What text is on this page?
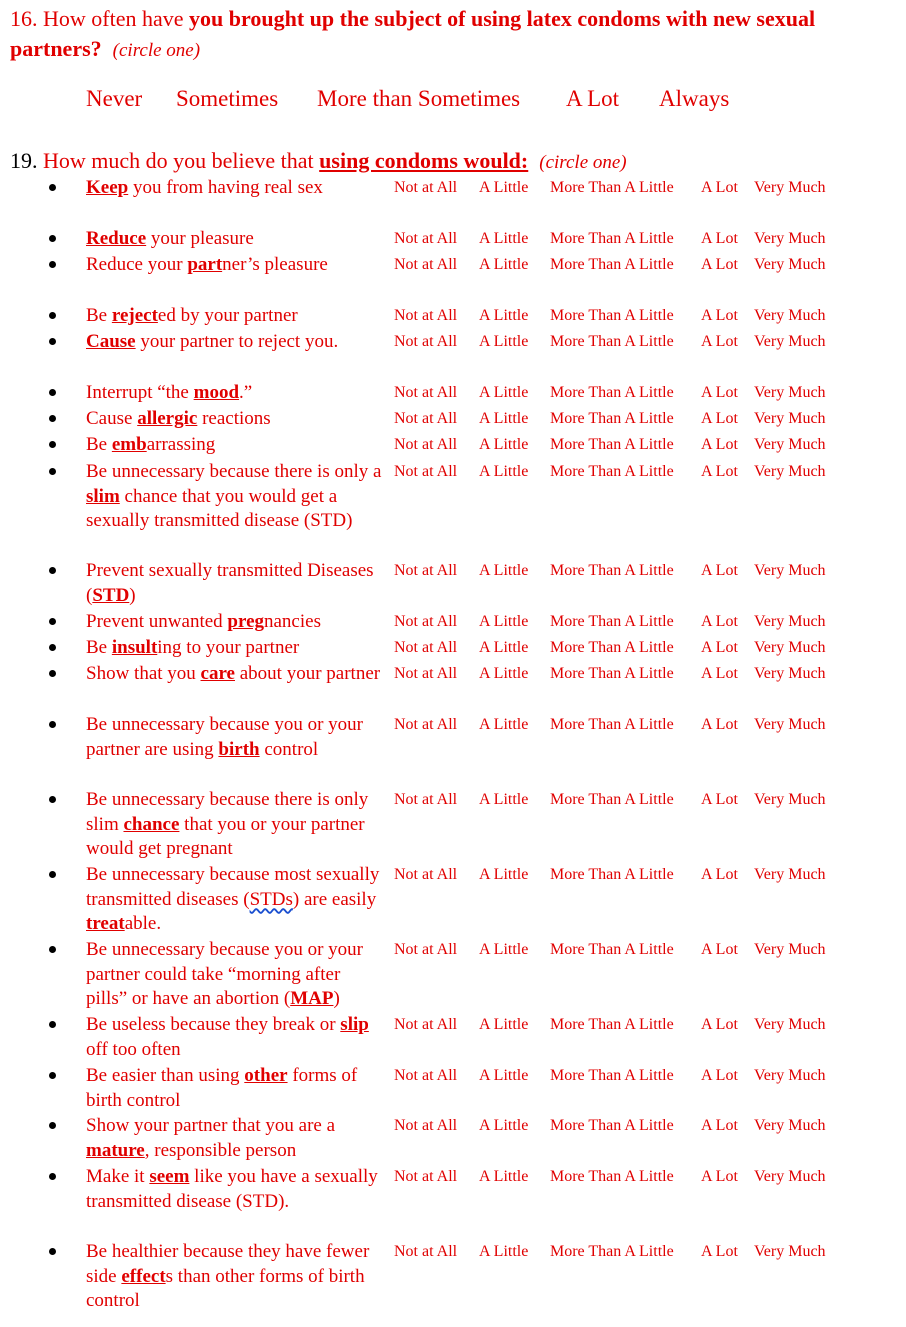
16. How often have you brought up the subject of using latex condoms with new sexual partners? (circle one)
Never Sometimes More than Sometimes A Lot Always
19. How much do you believe that using condoms would: (circle one)
Keep you from having real sex	Not at All A Little More Than A Little A Lot Very Much
Reduce your pleasure	Not at All A Little More Than A Little A Lot Very Much
Reduce your partner’s pleasure	Not at All A Little More Than A Little A Lot Very Much
Be rejected by your partner	Not at All A Little More Than A Little A Lot Very Much
Cause your partner to reject you.	Not at All A Little More Than A Little A Lot Very Much
Interrupt “the mood.”	Not at All A Little More Than A Little A Lot Very Much
Cause allergic reactions	Not at All A Little More Than A Little A Lot Very Much
Be embarrassing	Not at All A Little More Than A Little A Lot Very Much
Be unnecessary because there is only a slim chance that you would get a sexually transmitted disease (STD)
Not at All A Little More Than A Little A Lot Very Much
Prevent sexually transmitted Diseases (STD)
Not at All A Little More Than A Little A Lot Very Much
Prevent unwanted pregnancies	Not at All A Little More Than A Little A Lot Very Much
Be insulting to your partner	Not at All A Little More Than A Little A Lot Very Much
Show that you care about your partner Not at All A Little More Than A Little A Lot Very Much
Be unnecessary because you or your partner are using birth control
Not at All A Little More Than A Little A Lot Very Much
Be unnecessary because there is only slim chance that you or your partner would get pregnant
Not at All A Little More Than A Little A Lot Very Much
Be unnecessary because most sexually transmitted diseases (STDs) are easily treatable.
Not at All A Little More Than A Little A Lot Very Much
Be unnecessary because you or your partner could take “morning after pills” or have an abortion (MAP)
Not at All A Little More Than A Little A Lot Very Much
Be useless because they break or slip off too often
Not at All A Little More Than A Little A Lot Very Much
Be easier than using other forms of birth control
Not at All A Little More Than A Little A Lot Very Much
Show your partner that you are a mature, responsible person
Not at All A Little More Than A Little A Lot Very Much
Make it seem like you have a sexually transmitted disease (STD).
Not at All A Little More Than A Little A Lot Very Much
Be healthier because they have fewer side effects than other forms of birth control
Not at All A Little More Than A Little A Lot Very Much
